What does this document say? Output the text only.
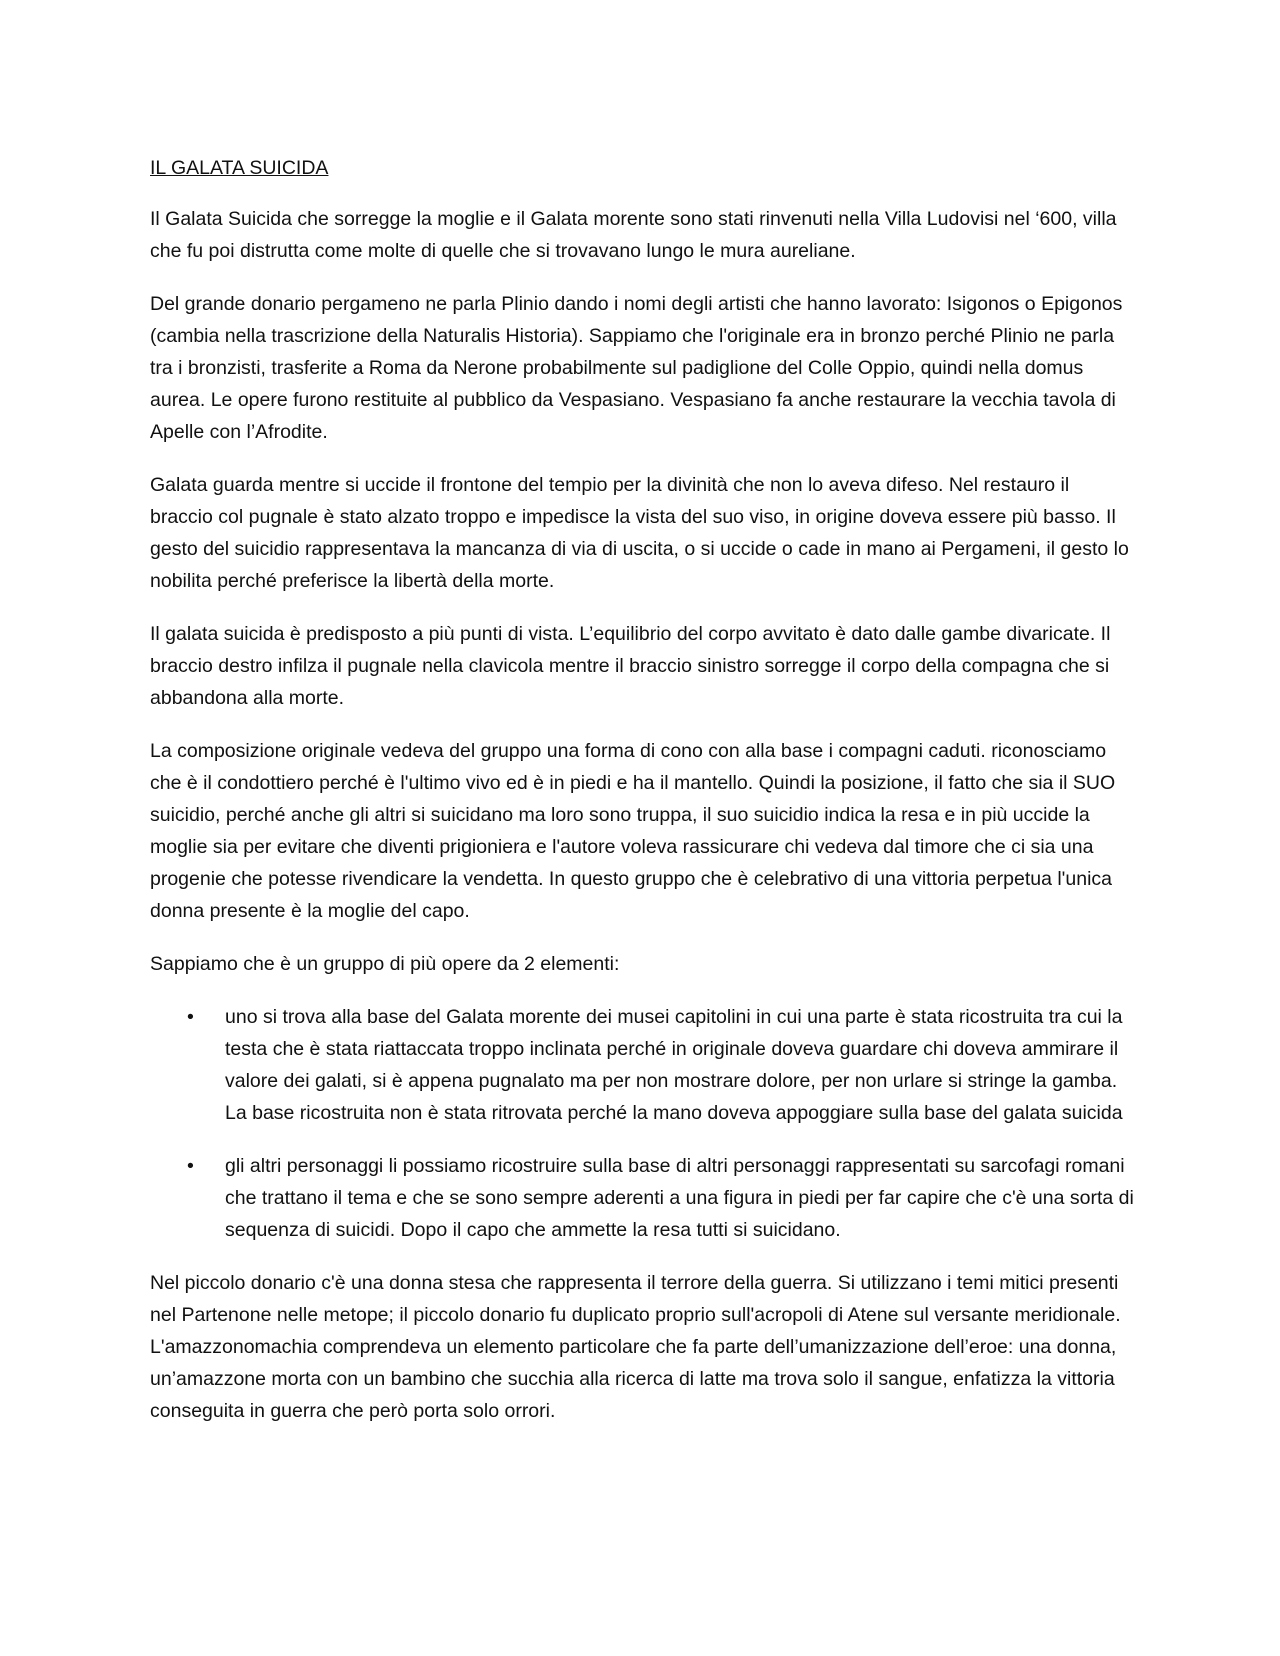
IL GALATA SUICIDA

Il Galata Suicida che sorregge la moglie e il Galata morente sono stati rinvenuti nella Villa Ludovisi nel ‘600, villa che fu poi distrutta come molte di quelle che si trovavano lungo le mura aureliane.

Del grande donario pergameno ne parla Plinio dando i nomi degli artisti che hanno lavorato: Isigonos o Epigonos (cambia nella trascrizione della Naturalis Historia). Sappiamo che l'originale era in bronzo perché Plinio ne parla tra i bronzisti, trasferite a Roma da Nerone probabilmente sul padiglione del Colle Oppio, quindi nella domus aurea. Le opere furono restituite al pubblico da Vespasiano. Vespasiano fa anche restaurare la vecchia tavola di Apelle con l’Afrodite.

Galata guarda mentre si uccide il frontone del tempio per la divinità che non lo aveva difeso. Nel restauro il braccio col pugnale è stato alzato troppo e impedisce la vista del suo viso, in origine doveva essere più basso. Il gesto del suicidio rappresentava la mancanza di via di uscita, o si uccide o cade in mano ai Pergameni, il gesto lo nobilita perché preferisce la libertà della morte.

Il galata suicida è predisposto a più punti di vista. L’equilibrio del corpo avvitato è dato dalle gambe divaricate. Il braccio destro infilza il pugnale nella clavicola mentre il braccio sinistro sorregge il corpo della compagna che si abbandona alla morte.

La composizione originale vedeva del gruppo una forma di cono con alla base i compagni caduti. riconosciamo che è il condottiero perché è l'ultimo vivo ed è in piedi e ha il mantello. Quindi la posizione, il fatto che sia il SUO suicidio, perché anche gli altri si suicidano ma loro sono truppa, il suo suicidio indica la resa e in più uccide la moglie sia per evitare che diventi prigioniera e l'autore voleva rassicurare chi vedeva dal timore che ci sia una progenie che potesse rivendicare la vendetta. In questo gruppo che è celebrativo di una vittoria perpetua l'unica donna presente è la moglie del capo.

Sappiamo che è un gruppo di più opere da 2 elementi:

• uno si trova alla base del Galata morente dei musei capitolini in cui una parte è stata ricostruita tra cui la testa che è stata riattaccata troppo inclinata perché in originale doveva guardare chi doveva ammirare il valore dei galati, si è appena pugnalato ma per non mostrare dolore, per non urlare si stringe la gamba. La base ricostruita non è stata ritrovata perché la mano doveva appoggiare sulla base del galata suicida
• gli altri personaggi li possiamo ricostruire sulla base di altri personaggi rappresentati su sarcofagi romani che trattano il tema e che se sono sempre aderenti a una figura in piedi per far capire che c'è una sorta di sequenza di suicidi. Dopo il capo che ammette la resa tutti si suicidano.

Nel piccolo donario c'è una donna stesa che rappresenta il terrore della guerra. Si utilizzano i temi mitici presenti nel Partenone nelle metope; il piccolo donario fu duplicato proprio sull'acropoli di Atene sul versante meridionale. L'amazzonomachia comprendeva un elemento particolare che fa parte dell’umanizzazione dell’eroe: una donna, un’amazzone morta con un bambino che succhia alla ricerca di latte ma trova solo il sangue, enfatizza la vittoria conseguita in guerra che però porta solo orrori.
